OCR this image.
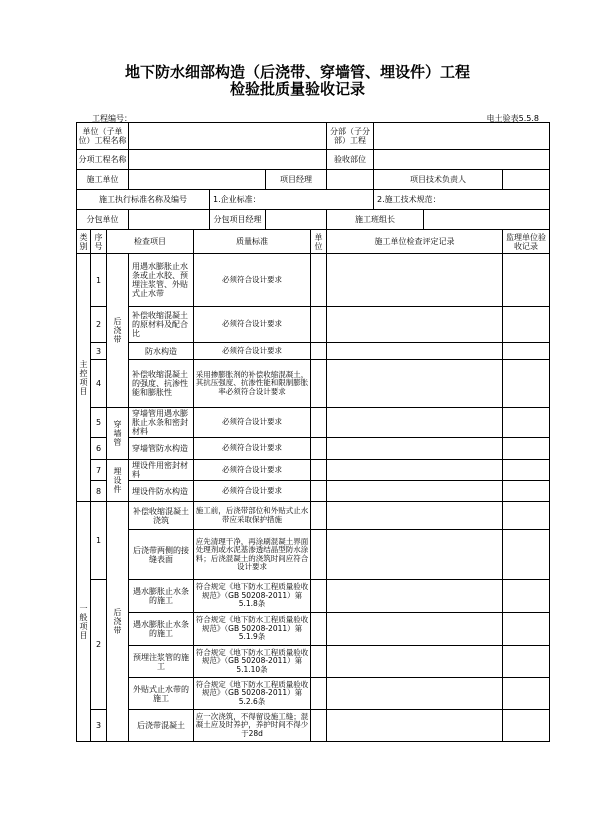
地下防水细部构造（后浇带、穿墙管、埋设件）工程
检验批质量验收记录
工程编号：	电土验表5.5.8
单位（子单位）工程名称								分部（子分部）工程			
分项工程名称								验收部位			
施工单位						项目经理			项目技术负责人		
施工执行标准名称及编号					1.企业标准：				2.施工技术规范：		
分包单位					分包项目经理			施工班组长			

类别	序号	检查项目		质量标准			单位	施工单位检查评定记录			监理单位验收记录

主控项目	1	后浇带	用遇水膨胀止水条或止水胶、预埋注浆管、外贴式止水带	必须符合设计要求							
	2		补偿收缩混凝土的原材料及配合比	必须符合设计要求							
	3		防水构造	必须符合设计要求							
	4		补偿收缩混凝土的强度、抗渗性能和膨胀性	采用掺膨胀剂的补偿收缩混凝土，其抗压强度、抗渗性能和限制膨胀率必须符合设计要求							
	5	穿墙管	穿墙管用遇水膨胀止水条和密封材料	必须符合设计要求							
	6		穿墙管防水构造	必须符合设计要求							
	7	埋设件	埋设件用密封材料	必须符合设计要求							
	8		埋设件防水构造	必须符合设计要求							

一般项目	1	后浇带	补偿收缩混凝土浇筑	施工前，后浇带部位和外贴式止水带应采取保护措施							
			后浇带两侧的接缝表面	应先清理干净，再涂刷混凝土界面处理剂或水泥基渗透结晶型防水涂料；后浇混凝土的浇筑时间应符合设计要求							
	2		遇水膨胀止水条的施工	符合规定《地下防水工程质量验收规范》（GB 50208-2011）第5.1.8条							
			遇水膨胀止水条的施工	符合规定《地下防水工程质量验收规范》（GB 50208-2011）第5.1.9条							
			预埋注浆管的施工	符合规定《地下防水工程质量验收规范》（GB 50208-2011）第5.1.10条							
			外贴式止水带的施工	符合规定《地下防水工程质量验收规范》（GB 50208-2011）第5.2.6条							
	3		后浇带混凝土	应一次浇筑，不得留设施工缝；混凝土应及时养护，养护时间不得少于28d							
